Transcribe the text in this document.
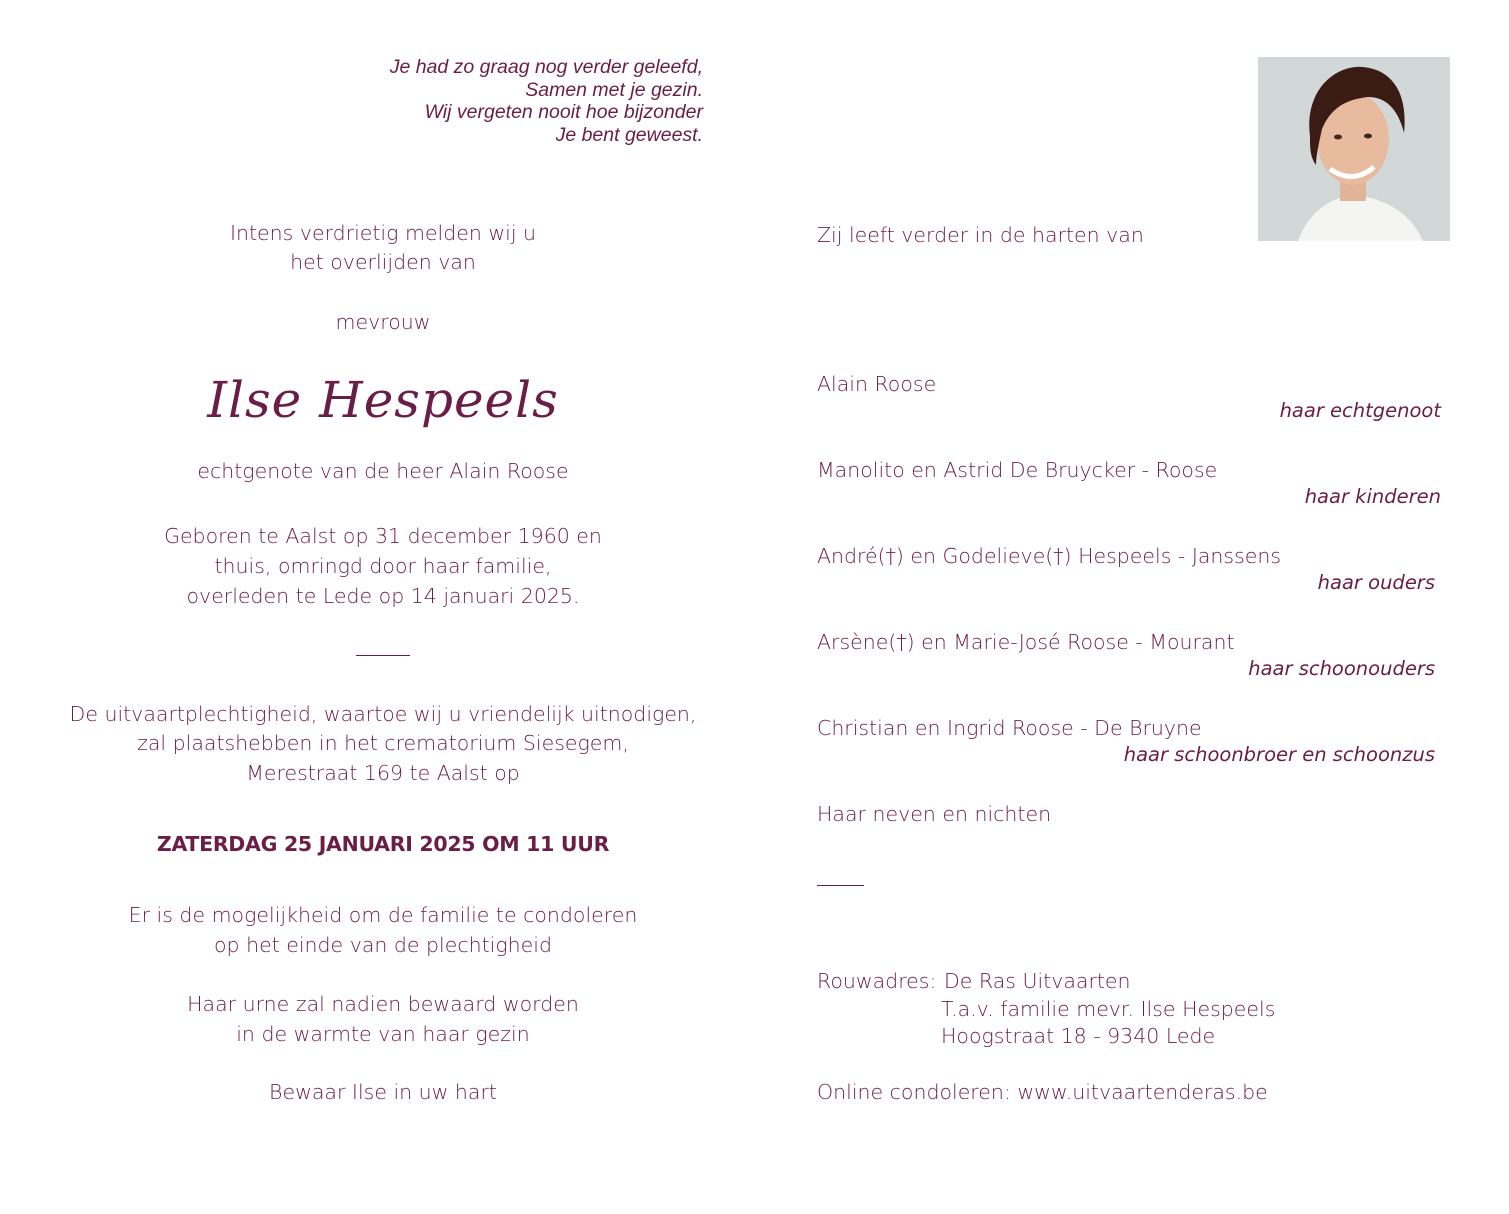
Je had zo graag nog verder geleefd,
Samen met je gezin.
Wij vergeten nooit hoe bijzonder
Je bent geweest.
Intens verdrietig melden wij u
het overlijden van
mevrouw
Ilse Hespeels
echtgenote van de heer Alain Roose
Geboren te Aalst op 31 december 1960 en
thuis, omringd door haar familie,
overleden te Lede op 14 januari 2025.
De uitvaartplechtigheid, waartoe wij u vriendelijk uitnodigen,
zal plaatshebben in het crematorium Siesegem,
Merestraat 169 te Aalst op
ZATERDAG 25 JANUARI 2025 OM 11 UUR
Er is de mogelijkheid om de familie te condoleren
op het einde van de plechtigheid
Haar urne zal nadien bewaard worden
in de warmte van haar gezin
Bewaar Ilse in uw hart
Zij leeft verder in de harten van
Alain Roose
haar echtgenoot
Manolito en Astrid De Bruycker - Roose
haar kinderen
André(†) en Godelieve(†) Hespeels - Janssens
haar ouders
Arsène(†) en Marie-José Roose - Mourant
haar schoonouders
Christian en Ingrid Roose - De Bruyne
haar schoonbroer en schoonzus
Haar neven en nichten
Rouwadres: De Ras Uitvaarten
T.a.v. familie mevr. Ilse Hespeels
Hoogstraat 18 - 9340 Lede
Online condoleren: www.uitvaartenderas.be
